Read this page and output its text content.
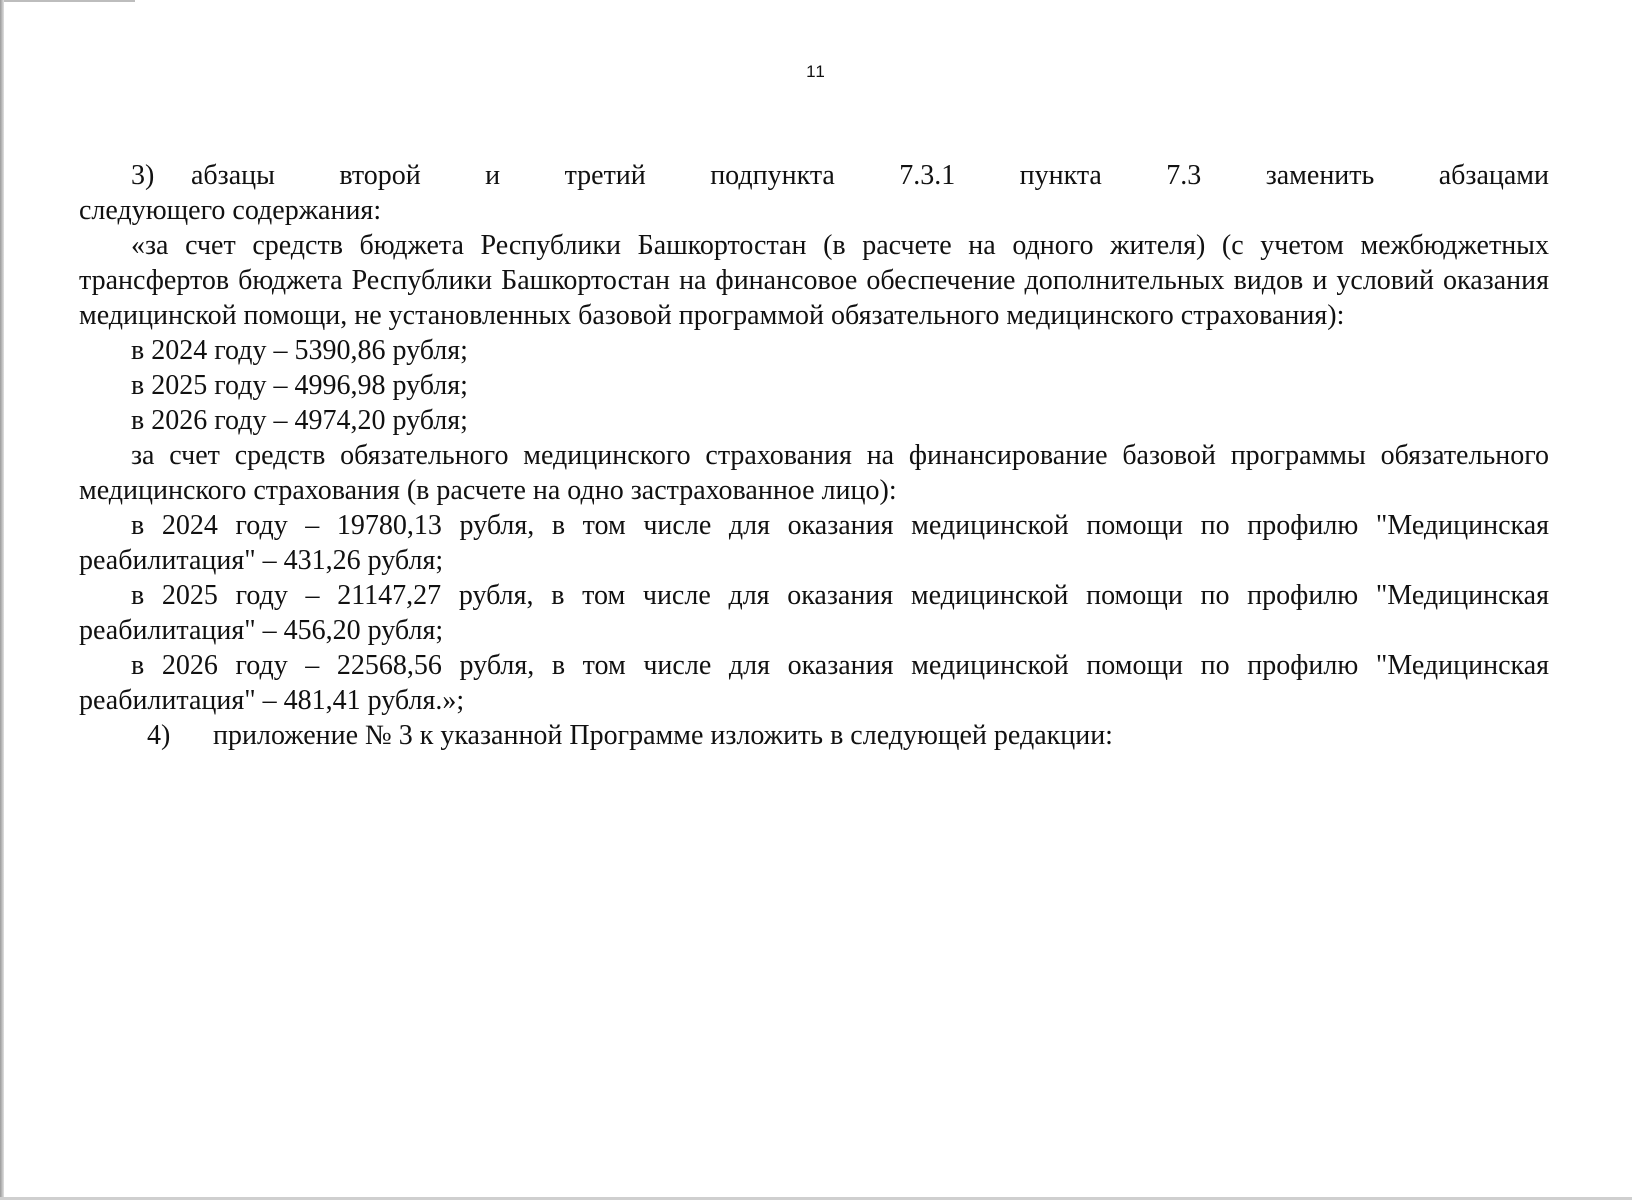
11

3) абзацы второй и третий подпункта 7.3.1 пункта 7.3 заменить абзацами

следующего содержания:

«за счет средств бюджета Республики Башкортостан (в расчете на одного жителя) (с учетом межбюджетных трансфертов бюджета Республики Башкортостан на финансовое обеспечение дополнительных видов и условий оказания медицинской помощи, не установленных базовой программой обязательного медицинского страхования):

в 2024 году – 5390,86 рубля;

в 2025 году – 4996,98 рубля;

в 2026 году – 4974,20 рубля;

за счет средств обязательного медицинского страхования на финансирование базовой программы обязательного медицинского страхования (в расчете на одно застрахованное лицо):

в 2024 году – 19780,13 рубля, в том числе для оказания медицинской помощи по профилю "Медицинская реабилитация" – 431,26 рубля;

в 2025 году – 21147,27 рубля, в том числе для оказания медицинской помощи по профилю "Медицинская реабилитация" – 456,20 рубля;

в 2026 году – 22568,56 рубля, в том числе для оказания медицинской помощи по профилю "Медицинская реабилитация" – 481,41 рубля.»;

4) приложение № 3 к указанной Программе изложить в следующей редакции:
